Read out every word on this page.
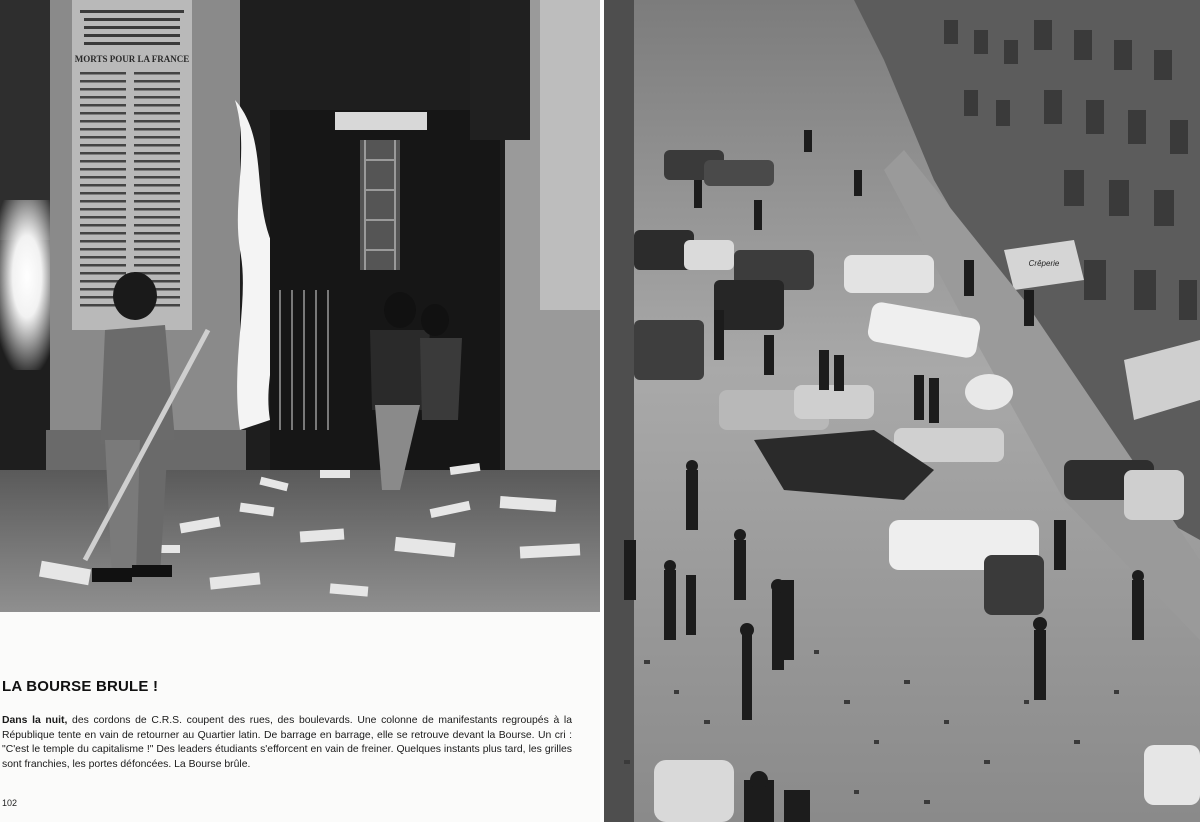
MORTS POUR LA FRANCE
LA BOURSE BRULE !
Dans la nuit, des cordons de C.R.S. coupent des rues, des boulevards. Une colonne de manifestants regroupés à la République tente en vain de retourner au Quartier latin. De barrage en barrage, elle se retrouve devant la Bourse. Un cri : "C'est le temple du capitalisme !" Des leaders étudiants s'efforcent en vain de freiner. Quelques instants plus tard, les grilles sont franchies, les portes défoncées. La Bourse brûle.
102
Crêperie
